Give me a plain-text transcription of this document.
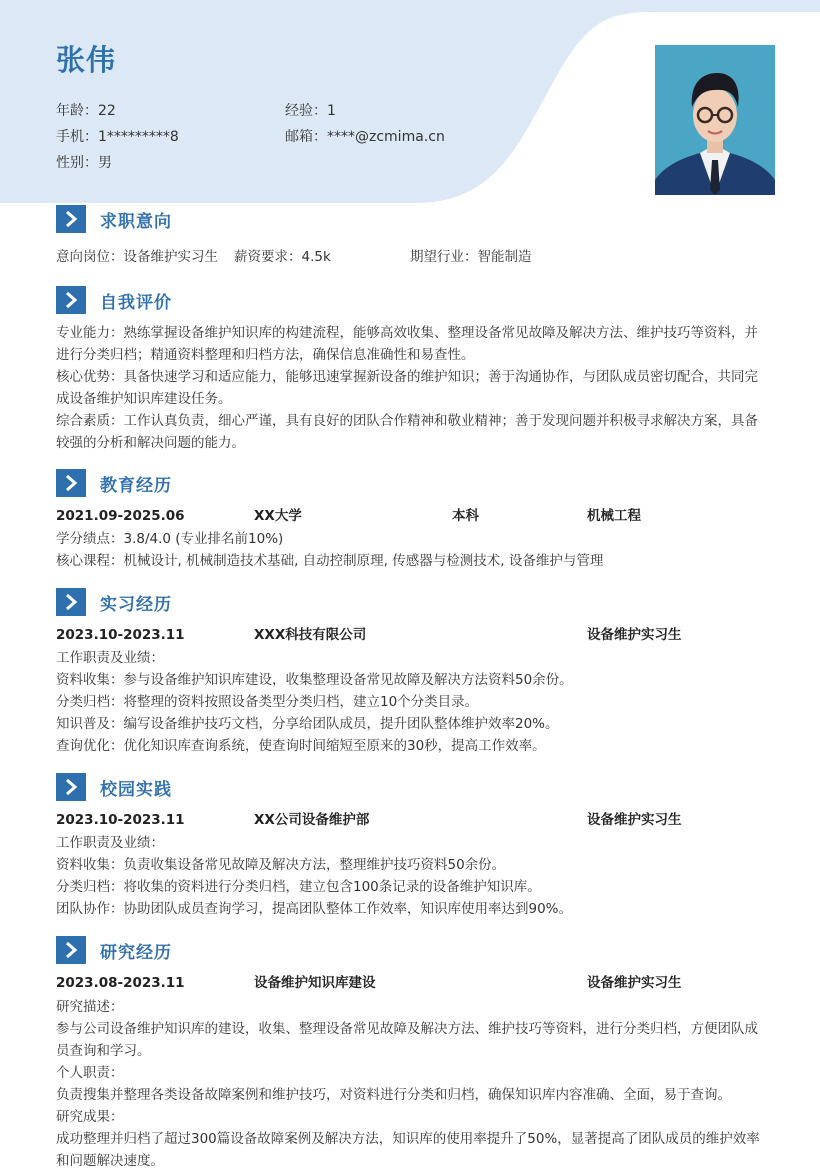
张伟
年龄：22	经验：1
手机：1*********8	邮箱：****@zcmima.cn
性别：男
求职意向
意向岗位：设备维护实习生 薪资要求：4.5k	期望行业：智能制造
自我评价
专业能力：熟练掌握设备维护知识库的构建流程，能够高效收集、整理设备常见故障及解决方法、维护技巧等资料，并进行分类归档；精通资料整理和归档方法，确保信息准确性和易查性。
核心优势：具备快速学习和适应能力，能够迅速掌握新设备的维护知识；善于沟通协作，与团队成员密切配合，共同完成设备维护知识库建设任务。
综合素质：工作认真负责，细心严谨，具有良好的团队合作精神和敬业精神；善于发现问题并积极寻求解决方案，具备较强的分析和解决问题的能力。
教育经历
2021.09-2025.06	XX大学	本科	机械工程
学分绩点：3.8/4.0 (专业排名前10%)
核心课程：机械设计, 机械制造技术基础, 自动控制原理, 传感器与检测技术, 设备维护与管理
实习经历
2023.10-2023.11	XXX科技有限公司	设备维护实习生
工作职责及业绩：
资料收集：参与设备维护知识库建设，收集整理设备常见故障及解决方法资料50余份。
分类归档：将整理的资料按照设备类型分类归档，建立10个分类目录。
知识普及：编写设备维护技巧文档，分享给团队成员，提升团队整体维护效率20%。
查询优化：优化知识库查询系统，使查询时间缩短至原来的30秒，提高工作效率。
校园实践
2023.10-2023.11	XX公司设备维护部	设备维护实习生
工作职责及业绩：
资料收集：负责收集设备常见故障及解决方法，整理维护技巧资料50余份。
分类归档：将收集的资料进行分类归档，建立包含100条记录的设备维护知识库。
团队协作：协助团队成员查询学习，提高团队整体工作效率，知识库使用率达到90%。
研究经历
2023.08-2023.11	设备维护知识库建设	设备维护实习生
研究描述：
参与公司设备维护知识库的建设，收集、整理设备常见故障及解决方法、维护技巧等资料，进行分类归档，方便团队成员查询和学习。
个人职责：
负责搜集并整理各类设备故障案例和维护技巧，对资料进行分类和归档，确保知识库内容准确、全面，易于查询。
研究成果：
成功整理并归档了超过300篇设备故障案例及解决方法，知识库的使用率提升了50%，显著提高了团队成员的维护效率和问题解决速度。
